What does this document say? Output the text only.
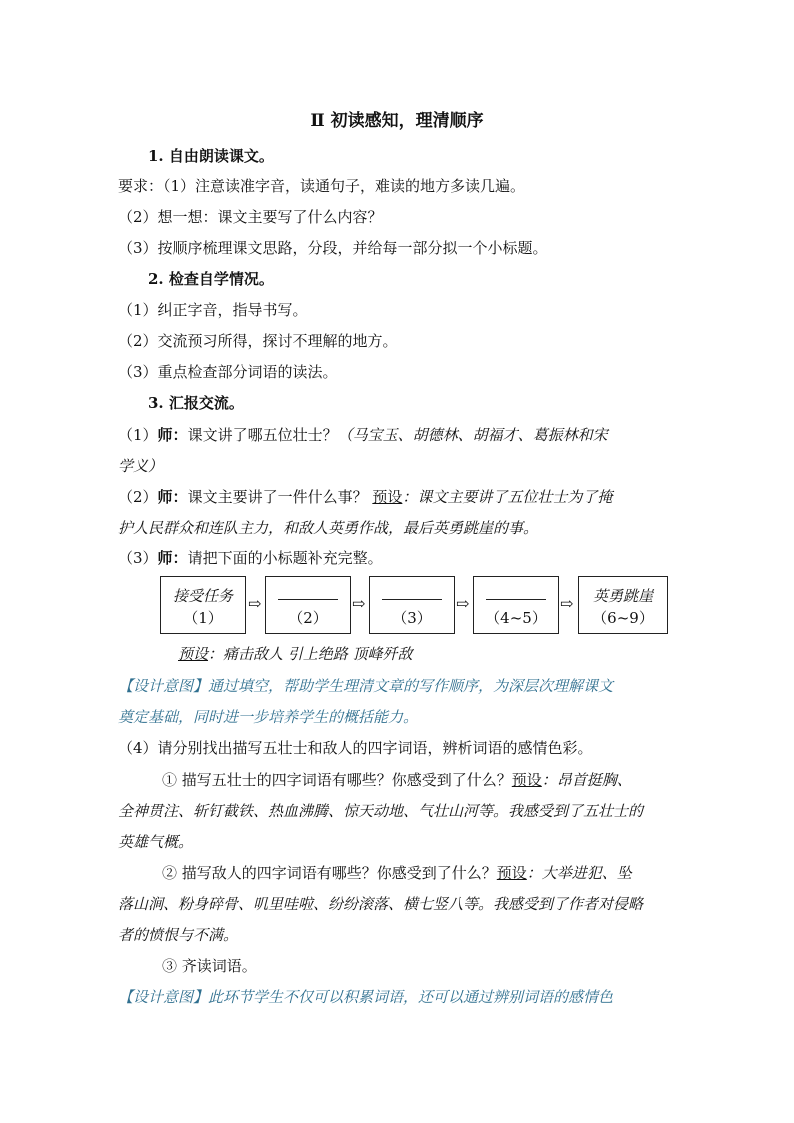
Ⅱ 初读感知，理清顺序
1. 自由朗读课文。
要求：（1）注意读准字音，读通句子，难读的地方多读几遍。
（2）想一想：课文主要写了什么内容？
（3）按顺序梳理课文思路，分段，并给每一部分拟一个小标题。
2. 检查自学情况。
（1）纠正字音，指导书写。
（2）交流预习所得，探讨不理解的地方。
（3）重点检查部分词语的读法。
3. 汇报交流。
（1）师：课文讲了哪五位壮士？（马宝玉、胡德林、胡福才、葛振林和宋
学义）
（2）师：课文主要讲了一件什么事？ 预设：课文主要讲了五位壮士为了掩
护人民群众和连队主力，和敌人英勇作战，最后英勇跳崖的事。
（3）师：请把下面的小标题补充完整。
接受任务
（1）
⇨
（2）
⇨
（3）
⇨
（4~5）
⇨	英勇跳崖
（6~9）
预设：痛击敌人 引上绝路 顶峰歼敌
【设计意图】通过填空，帮助学生理清文章的写作顺序，为深层次理解课文
奠定基础，同时进一步培养学生的概括能力。
（4）请分别找出描写五壮士和敌人的四字词语，辨析词语的感情色彩。
① 描写五壮士的四字词语有哪些？你感受到了什么？预设：昂首挺胸、
全神贯注、斩钉截铁、热血沸腾、惊天动地、气壮山河等。我感受到了五壮士的
英雄气概。
② 描写敌人的四字词语有哪些？你感受到了什么？预设：大举进犯、坠
落山涧、粉身碎骨、叽里哇啦、纷纷滚落、横七竖八等。我感受到了作者对侵略
者的愤恨与不满。
③ 齐读词语。
【设计意图】此环节学生不仅可以积累词语，还可以通过辨别词语的感情色
